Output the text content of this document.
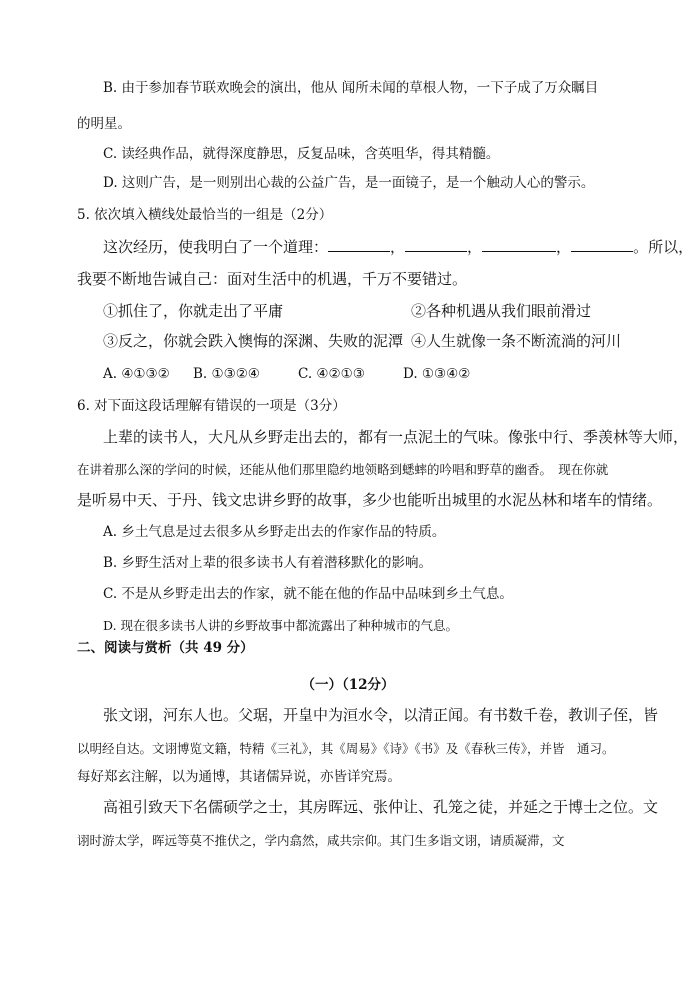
B. 由于参加春节联欢晚会的演出，他从 闻所未闻的草根人物，一下子成了万众瞩目
的明星。
C. 读经典作品，就得深度静思，反复品味，含英咀华，得其精髓。
D. 这则广告，是一则别出心裁的公益广告，是一面镜子，是一个触动人心的警示。
5. 依次填入横线处最恰当的一组是（2分）
这次经历，使我明白了一个道理：	，	，	，	。所以，
我要不断地告诫自己：面对生活中的机遇，千万不要错过。
①抓住了，你就走出了平庸	②各种机遇从我们眼前滑过
③反之，你就会跌入懊悔的深渊、失败的泥潭 ④人生就像一条不断流淌的河川
A. ④①③② B. ①③②④	C. ④②①③	D. ①③④②
6. 对下面这段话理解有错误的一项是（3分）
上辈的读书人，大凡从乡野走出去的，都有一点泥土的气味。像张中行、季羡林等大师，
在讲着那么深的学问的时候，还能从他们那里隐约地领略到蟋蟀的吟唱和野草的幽香。　现在你就
是听易中天、于丹、钱文忠讲乡野的故事，多少也能听出城里的水泥丛林和堵车的情绪。
A. 乡土气息是过去很多从乡野走出去的作家作品的特质。
B. 乡野生活对上辈的很多读书人有着潜移默化的影响。
C. 不是从乡野走出去的作家，就不能在他的作品中品味到乡土气息。
D. 现在很多读书人讲的乡野故事中都流露出了种种城市的气息。
二、阅读与赏析（共 49 分）
（一）（12分）
张文诩，河东人也。父琚，开皇中为洹水令，以清正闻。有书数千卷，教训子侄，皆
以明经自达。文诩博览文籍，特精《三礼》，其《周易》《诗》《书》及《春秋三传》，并皆　通习。
每好郑玄注解，以为通博，其诸儒异说，亦皆详究焉。
高祖引致天下名儒硕学之士，其房晖远、张仲让、孔笼之徒，并延之于博士之位。文
诩时游太学，晖远等莫不推伏之，学内翕然，咸共宗仰。其门生多诣文诩，请质凝滞，文
